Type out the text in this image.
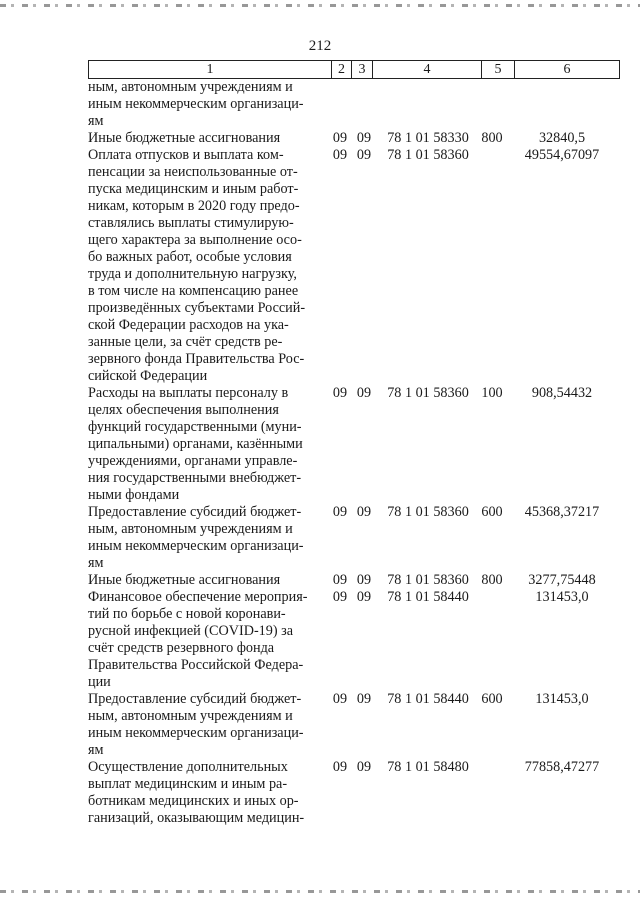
212
1	2	3	4	5	6
ным, автономным учреждениям и
иным некоммерческим организаци-
ям
Иные бюджетные ассигнования	09 09	78 1 01 58330 800	32840,5
Оплата отпусков и выплата ком-
пенсации за неиспользованные от-
пуска медицинским и иным работ-
никам, которым в 2020 году предо-
ставлялись выплаты стимулирую-
щего характера за выполнение осо-
бо важных работ, особые условия
труда и дополнительную нагрузку,
в том числе на компенсацию ранее
произведённых субъектами Россий-
ской Федерации расходов на ука-
занные цели, за счёт средств ре-
зервного фонда Правительства Рос-
сийской Федерации
09 09	78 1 01 58360	49554,67097
Расходы на выплаты персоналу в
целях обеспечения выполнения
функций государственными (муни-
ципальными) органами, казёнными
учреждениями, органами управле-
ния государственными внебюджет-
ными фондами
09 09	78 1 01 58360 100	908,54432
Предоставление субсидий бюджет-
ным, автономным учреждениям и
иным некоммерческим организаци-
ям
09 09	78 1 01 58360 600	45368,37217
Иные бюджетные ассигнования	09 09	78 1 01 58360 800	3277,75448
Финансовое обеспечение мероприя-
тий по борьбе с новой коронави-
русной инфекцией (COVID-19) за
счёт средств резервного фонда
Правительства Российской Федера-
ции
09 09	78 1 01 58440	131453,0
Предоставление субсидий бюджет-
ным, автономным учреждениям и
иным некоммерческим организаци-
ям
09 09	78 1 01 58440 600	131453,0
Осуществление дополнительных
выплат медицинским и иным ра-
ботникам медицинских и иных ор-
ганизаций, оказывающим медицин-
09 09	78 1 01 58480	77858,47277
